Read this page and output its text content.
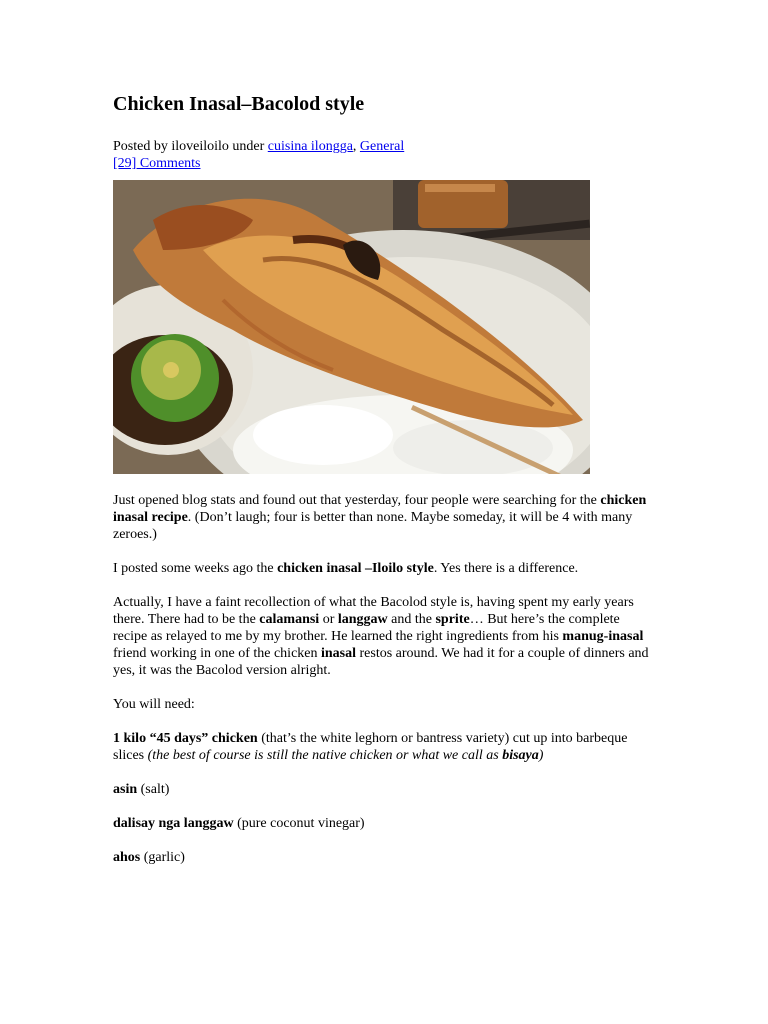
Chicken Inasal–Bacolod style
Posted by iloveiloilo under cuisina ilongga, General
[29] Comments

Just opened blog stats and found out that yesterday, four people were searching for the chicken inasal recipe. (Don’t laugh; four is better than none. Maybe someday, it will be 4 with many zeroes.)

I posted some weeks ago the chicken inasal –Iloilo style. Yes there is a difference.

Actually, I have a faint recollection of what the Bacolod style is, having spent my early years there. There had to be the calamansi or langgaw and the sprite… But here’s the complete recipe as relayed to me by my brother. He learned the right ingredients from his manug-inasal friend working in one of the chicken inasal restos around. We had it for a couple of dinners and yes, it was the Bacolod version alright.

You will need:

1 kilo “45 days” chicken (that’s the white leghorn or bantress variety) cut up into barbeque slices (the best of course is still the native chicken or what we call as bisaya)

asin (salt)

dalisay nga langgaw (pure coconut vinegar)

ahos (garlic)
